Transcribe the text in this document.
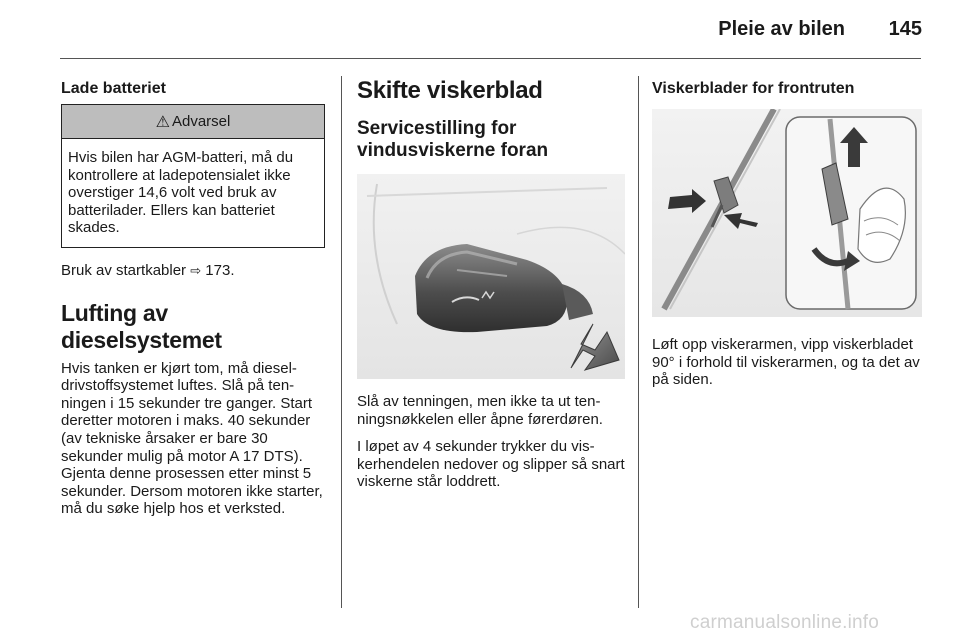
Pleie av bilen	145
Lade batteriet
⚠ Advarsel
Hvis bilen har AGM-batteri, må du kontrollere at ladepotensialet ikke overstiger 14,6 volt ved bruk av batterilader. Ellers kan batteriet skades.

Bruk av startkabler ⇨ 173.

Lufting av dieselsystemet

Hvis tanken er kjørt tom, må dieseldrivstoffsystemet luftes. Slå på tenningen i 15 sekunder tre ganger. Start deretter motoren i maks. 40 sekunder (av tekniske årsaker er bare 30 sekunder mulig på motor A 17 DTS). Gjenta denne prosessen etter minst 5 sekunder. Dersom motoren ikke starter, må du søke hjelp hos et verksted.

Skifte viskerblad
Servicestilling for vindusviskerne foran

Slå av tenningen, men ikke ta ut tenningsnøkkelen eller åpne førerdøren.

I løpet av 4 sekunder trykker du viskerhendelen nedover og slipper så snart viskerne står loddrett.

Viskerblader for frontruten

Løft opp viskerarmen, vipp viskerbladet 90° i forhold til viskerarmen, og ta det av på siden.

carmanualsonline.info
